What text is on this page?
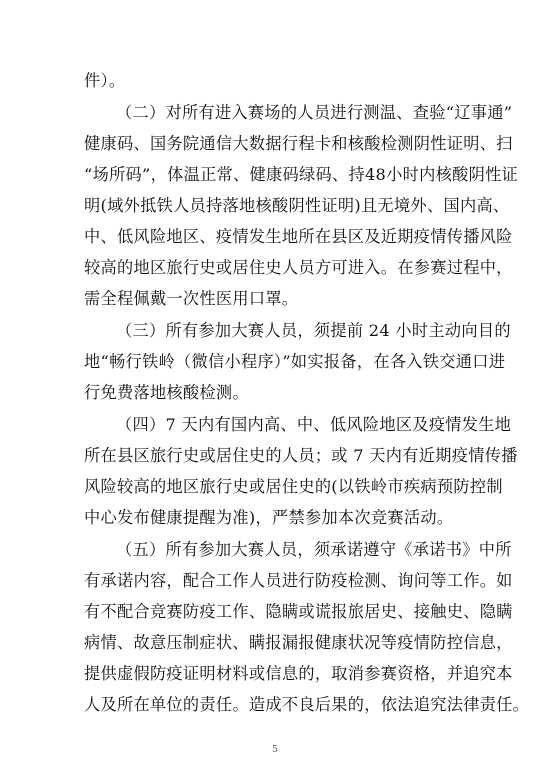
件）。
（二）对所有进入赛场的人员进行测温、查验“辽事通”
健康码、国务院通信大数据行程卡和核酸检测阴性证明、扫
“场所码”，体温正常、健康码绿码、持48小时内核酸阴性证
明(域外抵铁人员持落地核酸阴性证明)且无境外、国内高、
中、低风险地区、疫情发生地所在县区及近期疫情传播风险
较高的地区旅行史或居住史人员方可进入。在参赛过程中，
需全程佩戴一次性医用口罩。
（三）所有参加大赛人员，须提前 24 小时主动向目的
地“畅行铁岭（微信小程序）”如实报备，在各入铁交通口进
行免费落地核酸检测。
（四）7 天内有国内高、中、低风险地区及疫情发生地
所在县区旅行史或居住史的人员；或 7 天内有近期疫情传播
风险较高的地区旅行史或居住史的(以铁岭市疾病预防控制
中心发布健康提醒为准)，严禁参加本次竞赛活动。
（五）所有参加大赛人员，须承诺遵守《承诺书》中所
有承诺内容，配合工作人员进行防疫检测、询问等工作。如
有不配合竞赛防疫工作、隐瞒或谎报旅居史、接触史、隐瞒
病情、故意压制症状、瞒报漏报健康状况等疫情防控信息，
提供虚假防疫证明材料或信息的，取消参赛资格，并追究本
人及所在单位的责任。造成不良后果的，依法追究法律责任。
5
